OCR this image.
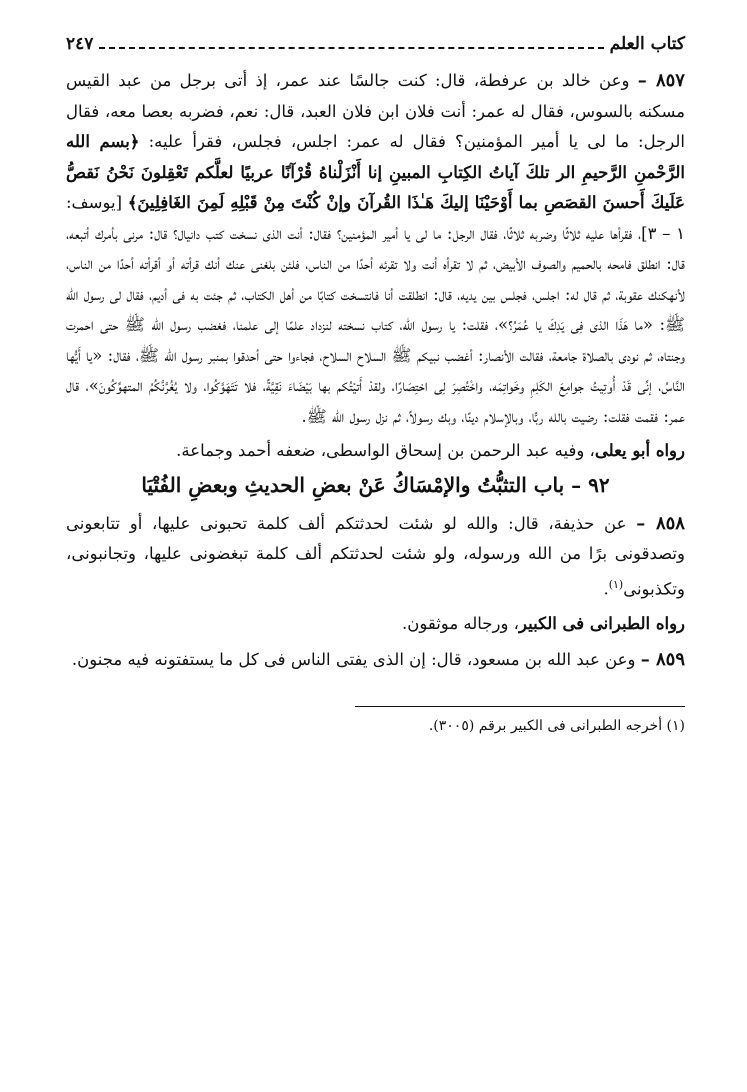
كتاب العلم
٢٤٧

٨٥٧ – وعن خالد بن عرفطة، قال: كنت جالسًا عند عمر، إذ أتى برجل من عبد القيس مسكنه بالسوس، فقال له عمر: أنت فلان ابن فلان العبد، قال: نعم، فضربه بعصا معه، فقال الرجل: ما لى يا أمير المؤمنين؟ فقال له عمر: اجلس، فجلس، فقرأ عليه: ﴿بسم الله الرَّحْمنِ الرَّحيمِ الر تلكَ آياتُ الكِتابِ المبينِ إنا أَنْزَلْناهُ قُرْآنًا عربيًا لعلَّكم تَعْقِلونَ نَحْنُ نَقصُّ عَلَيكَ أَحسنَ القصَصِ بما أَوْحَيْنَا إليكَ هَـٰذَا القُرآنَ وإنْ كُنْتَ مِنْ قَبْلِهِ لَمِنَ الغَافِلِينَ﴾ [يوسف: ١ – ٣]، فقرأها عليه ثلاثًا وضربه ثلاثًا، فقال الرجل: ما لى يا أمير المؤمنين؟ فقال: أنت الذى نسخت كتب دانيال؟ قال: مرنى بأمرك أتبعه، قال: انطلق فامحه بالحميم والصوف الأبيض، ثم لا تقرأه أنت ولا تقرئه أحدًا من الناس، فلئن بلغنى عنك أنك قرأته أو أقرأته أحدًا من الناس، لأنهكنك عقوبة، ثم قال له: اجلس، فجلس بين يديه، قال: انطلقت أنا فانتسخت كتابًا من أهل الكتاب، ثم جئت به فى أديم، فقال لى رسول الله ﷺ: «ما هَذَا الذى فِى يَدِكَ يا عُمَرُ؟»، فقلت: يا رسول الله، كتاب نسخته لنزداد علمًا إلى علمنا، فغضب رسول الله ﷺ حتى احمرت وجنتاه، ثم نودى بالصلاة جامعة، فقالت الأنصار: أغضب نبيكم ﷺ السلاح السلاح، فجاءوا حتى أحدقوا بمنبر رسول الله ﷺ، فقال: «يا أَيُّها النَّاسُ، إنِّى قَدْ أُوتِيتُ جوامِعَ الكَلِمِ وخَواتِمَه، واخْتُصِرَ لِى اختِصَارًا، ولقدْ أَتيْتُكم بها بَيْضَاءَ نَقِيَّةً، فلا تَتَهَوَّكُوا، ولا يُغُرَّنَّكُمُ المتهوِّكُونَ»، قال عمر: فقمت فقلت: رضيت بالله ربًّا، وبالإسلام دينًا، وبك رسولاً، ثم نزل رسول الله ﷺ.

رواه أبو يعلى، وفيه عبد الرحمن بن إسحاق الواسطى، ضعفه أحمد وجماعة.

٩٢ – باب التثبُّتُ والإمْسَاكُ عَنْ بعضِ الحديثِ وبعضِ الفُتْيَا

٨٥٨ – عن حذيفة، قال: والله لو شئت لحدثتكم ألف كلمة تحبونى عليها، أو تتابعونى وتصدقونى برًا من الله ورسوله، ولو شئت لحدثتكم ألف كلمة تبغضونى عليها، وتجانبونى، وتكذبونى$^{(١)}$.

رواه الطبرانى فى الكبير، ورجاله موثقون.

٨٥٩ – وعن عبد الله بن مسعود، قال: إن الذى يفتى الناس فى كل ما يستفتونه فيه مجنون.

(١) أخرجه الطبرانى فى الكبير برقم (٣٠٠٥).
